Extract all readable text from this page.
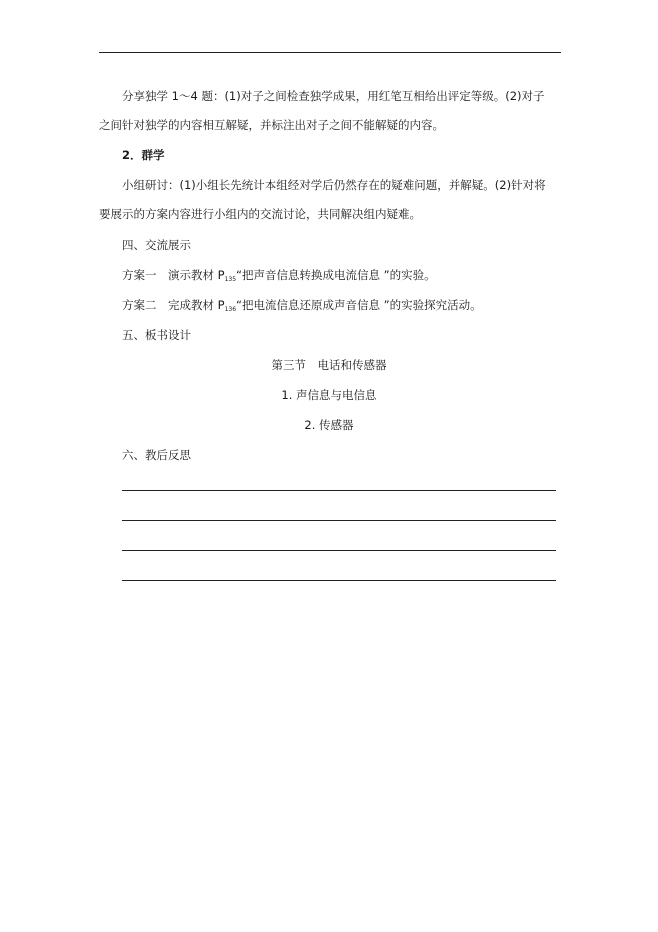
分享独学 1～4 题：(1)对子之间检查独学成果，用红笔互相给出评定等级。(2)对子
之间针对独学的内容相互解疑，并标注出对子之间不能解疑的内容。
2．群学
小组研讨：(1)小组长先统计本组经对学后仍然存在的疑难问题，并解疑。(2)针对将
要展示的方案内容进行小组内的交流讨论，共同解决组内疑难。
四、交流展示
方案一　演示教材 $P_{135}“$把声音信息转换成电流信息 ”的实验。
方案二　完成教材 $P_{136}“$把电流信息还原成声音信息 ”的实验探究活动。
五、板书设计
第三节　电话和传感器
1. 声信息与电信息
2. 传感器
六、教后反思
